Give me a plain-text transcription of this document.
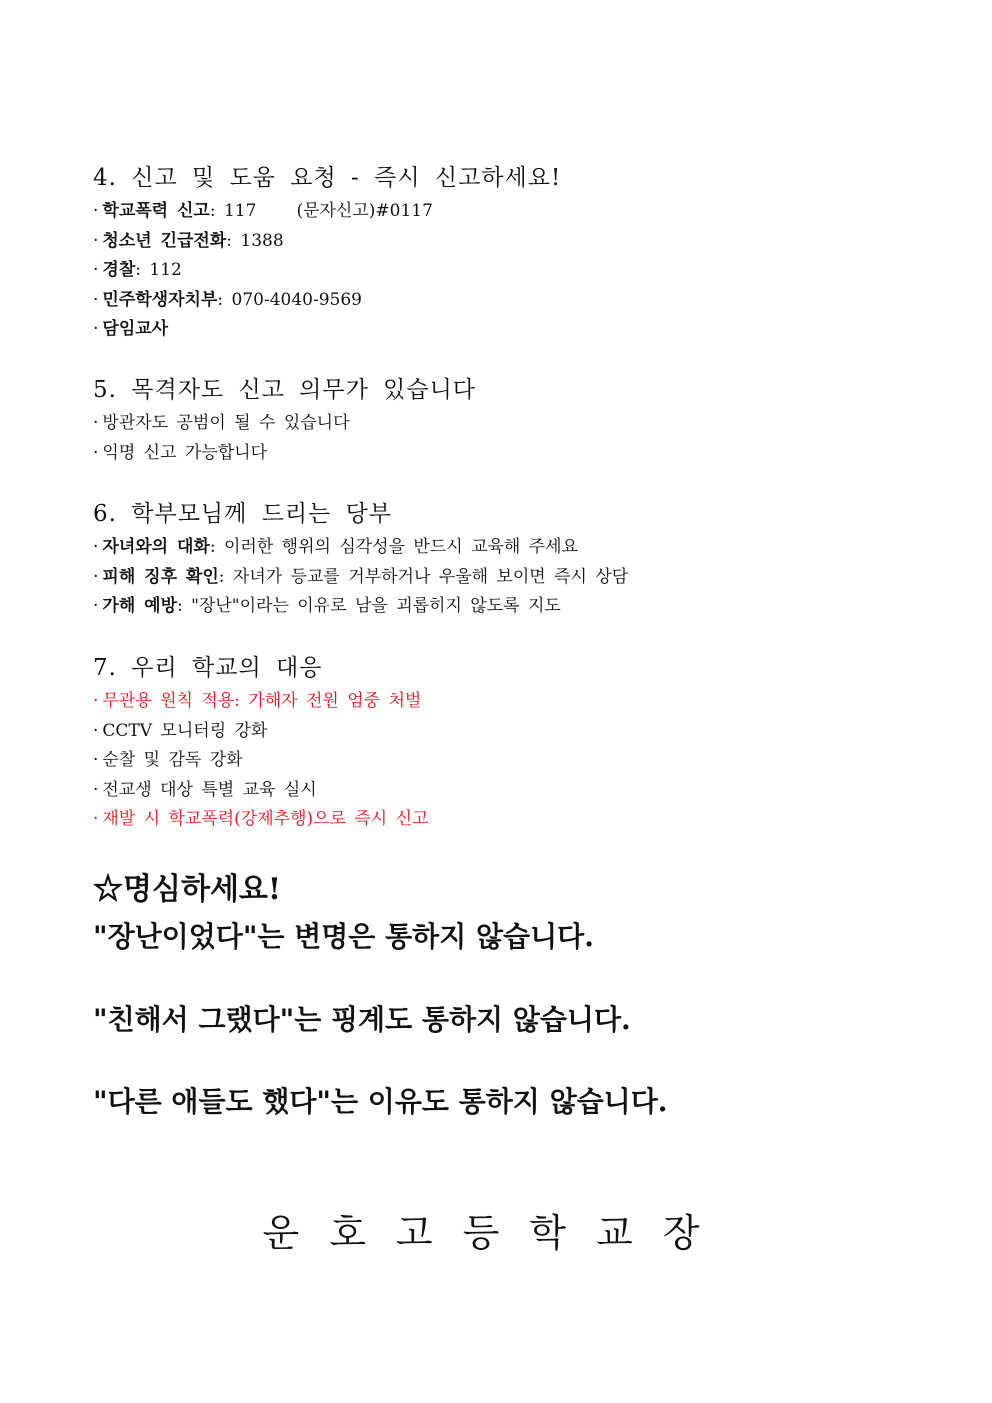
4. 신고 및 도움 요청 - 즉시 신고하세요!
· 학교폭력 신고: 117 (문자신고)#0117
· 청소년 긴급전화: 1388
· 경찰: 112
· 민주학생자치부: 070-4040-9569
· 담임교사
5. 목격자도 신고 의무가 있습니다
· 방관자도 공범이 될 수 있습니다
· 익명 신고 가능합니다
6. 학부모님께 드리는 당부
· 자녀와의 대화: 이러한 행위의 심각성을 반드시 교육해 주세요
· 피해 징후 확인: 자녀가 등교를 거부하거나 우울해 보이면 즉시 상담
· 가해 예방: "장난"이라는 이유로 남을 괴롭히지 않도록 지도
7. 우리 학교의 대응
· 무관용 원칙 적용: 가해자 전원 엄중 처벌
· CCTV 모니터링 강화
· 순찰 및 감독 강화
· 전교생 대상 특별 교육 실시
· 재발 시 학교폭력(강제추행)으로 즉시 신고
☆명심하세요!
"장난이었다"는 변명은 통하지 않습니다.
"친해서 그랬다"는 핑계도 통하지 않습니다.
"다른 애들도 했다"는 이유도 통하지 않습니다.
운호고등학교장
